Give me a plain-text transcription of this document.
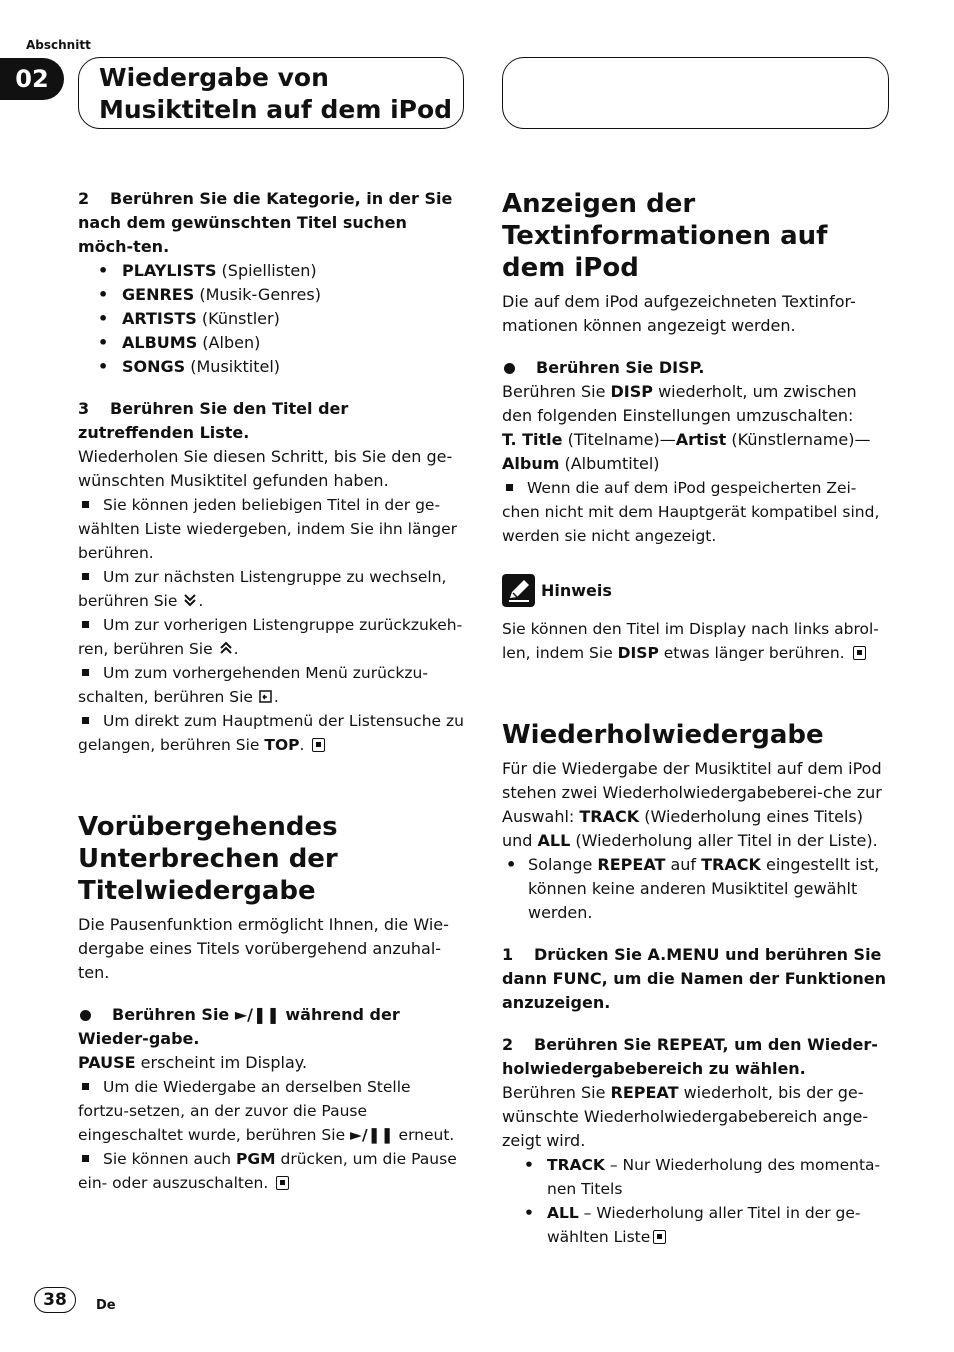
Abschnitt
02	Wiedergabe von
Musiktiteln auf dem iPod

2 Berühren Sie die Kategorie, in der Sie nach dem gewünschten Titel suchen möch-ten.

• PLAYLISTS (Spiellisten)
• GENRES (Musik-Genres)
• ARTISTS (Künstler)
• ALBUMS (Alben)
• SONGS (Musiktitel)

3 Berühren Sie den Titel der zutreffenden Liste.

Wiederholen Sie diesen Schritt, bis Sie den ge-wünschten Musiktitel gefunden haben.

Sie können jeden beliebigen Titel in der ge-wählten Liste wiedergeben, indem Sie ihn länger berühren.

Um zur nächsten Listengruppe zu wechseln, berühren Sie .

Um zur vorherigen Listengruppe zurückzukeh-ren, berühren Sie .

Um zum vorhergehenden Menü zurückzu-schalten, berühren Sie .

Um direkt zum Hauptmenü der Listensuche zu gelangen, berühren Sie TOP.

Vorübergehendes Unterbrechen der Titelwiedergabe

Die Pausenfunktion ermöglicht Ihnen, die Wie-dergabe eines Titels vorübergehend anzuhal-ten.

Berühren Sie ►/❚❚ während der Wieder-gabe.

PAUSE erscheint im Display.

Um die Wiedergabe an derselben Stelle fortzu-setzen, an der zuvor die Pause eingeschaltet wurde, berühren Sie ►/❚❚ erneut.

Sie können auch PGM drücken, um die Pause ein- oder auszuschalten.

Anzeigen der Textinformationen auf dem iPod

Die auf dem iPod aufgezeichneten Textinfor-mationen können angezeigt werden.

Berühren Sie DISP.

Berühren Sie DISP wiederholt, um zwischen den folgenden Einstellungen umzuschalten:

T. Title (Titelname)—Artist (Künstlername)—
Album (Albumtitel)

Wenn die auf dem iPod gespeicherten Zei-chen nicht mit dem Hauptgerät kompatibel sind, werden sie nicht angezeigt.

Hinweis

Sie können den Titel im Display nach links abrol-len, indem Sie DISP etwas länger berühren.

Wiederholwiedergabe

Für die Wiedergabe der Musiktitel auf dem iPod stehen zwei Wiederholwiedergabeberei-che zur Auswahl: TRACK (Wiederholung eines Titels) und ALL (Wiederholung aller Titel in der Liste).

• Solange REPEAT auf TRACK eingestellt ist, können keine anderen Musiktitel gewählt werden.

1 Drücken Sie A.MENU und berühren Sie dann FUNC, um die Namen der Funktionen anzuzeigen.

2 Berühren Sie REPEAT, um den Wieder-holwiedergabebereich zu wählen.

Berühren Sie REPEAT wiederholt, bis der ge-wünschte Wiederholwiedergabebereich ange-zeigt wird.

• TRACK – Nur Wiederholung des momenta-nen Titels
• ALL – Wiederholung aller Titel in der ge-wählten Liste
38	De
